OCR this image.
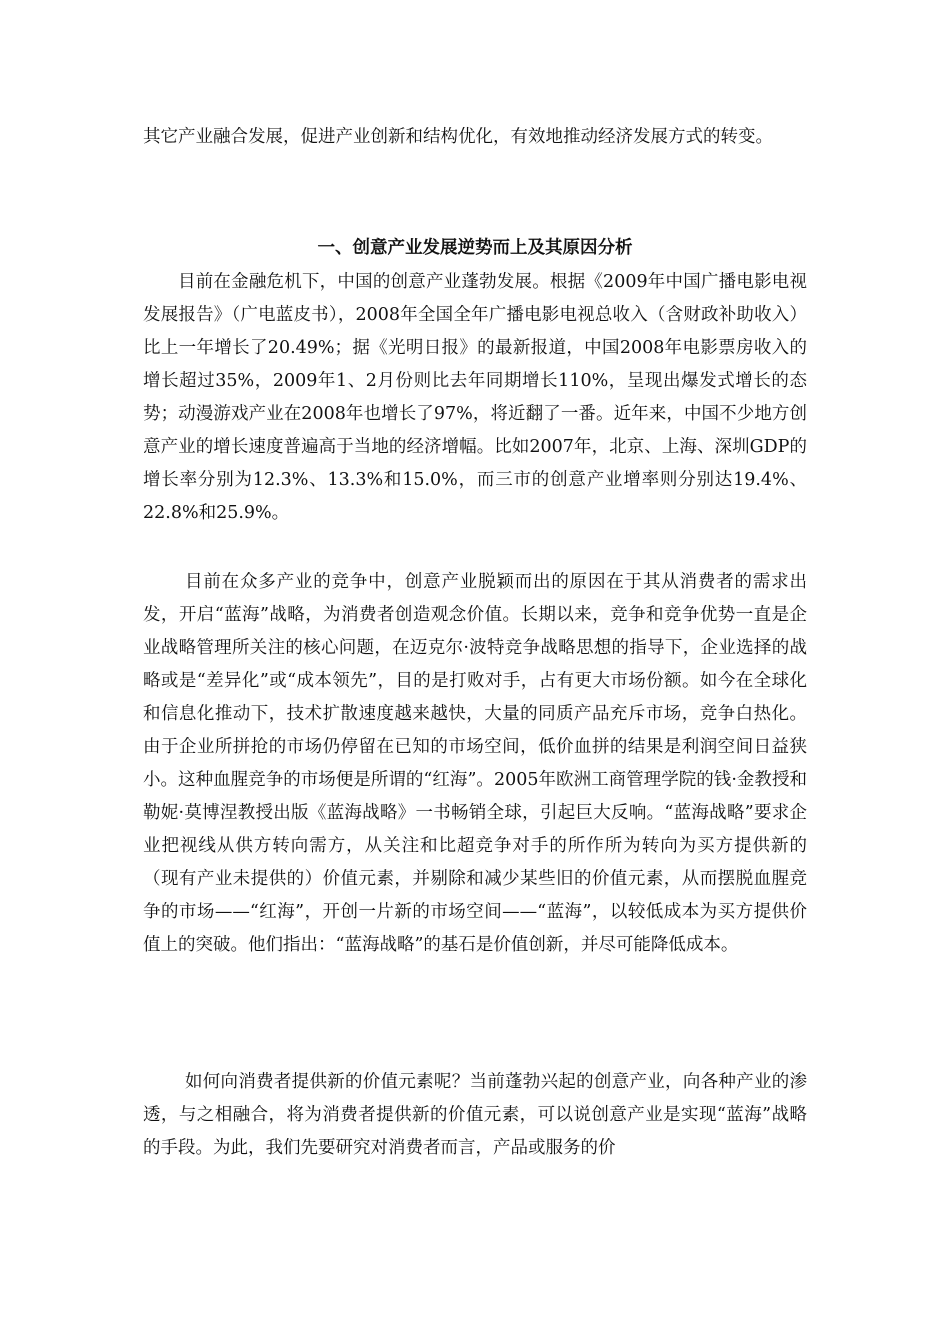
其它产业融合发展，促进产业创新和结构优化，有效地推动经济发展方式的转变。

一、创意产业发展逆势而上及其原因分析

目前在金融危机下，中国的创意产业蓬勃发展。根据《2009年中国广播电影电视发展报告》（广电蓝皮书），2008年全国全年广播电影电视总收入（含财政补助收入）比上一年增长了20.49%；据《光明日报》的最新报道，中国2008年电影票房收入的增长超过35%，2009年1、2月份则比去年同期增长110%，呈现出爆发式增长的态势；动漫游戏产业在2008年也增长了97%，将近翻了一番。近年来，中国不少地方创意产业的增长速度普遍高于当地的经济增幅。比如2007年，北京、上海、深圳GDP的增长率分别为12.3%、13.3%和15.0%，而三市的创意产业增率则分别达19.4%、22.8%和25.9%。

目前在众多产业的竞争中，创意产业脱颖而出的原因在于其从消费者的需求出发，开启“蓝海”战略，为消费者创造观念价值。长期以来，竞争和竞争优势一直是企业战略管理所关注的核心问题，在迈克尔·波特竞争战略思想的指导下，企业选择的战略或是“差异化”或“成本领先”，目的是打败对手，占有更大市场份额。如今在全球化和信息化推动下，技术扩散速度越来越快，大量的同质产品充斥市场，竞争白热化。由于企业所拼抢的市场仍停留在已知的市场空间，低价血拼的结果是利润空间日益狭小。这种血腥竞争的市场便是所谓的“红海”。2005年欧洲工商管理学院的钱·金教授和勒妮·莫博涅教授出版《蓝海战略》一书畅销全球，引起巨大反响。“蓝海战略”要求企业把视线从供方转向需方，从关注和比超竞争对手的所作所为转向为买方提供新的（现有产业未提供的）价值元素，并剔除和减少某些旧的价值元素，从而摆脱血腥竞争的市场——“红海”，开创一片新的市场空间——“蓝海”，以较低成本为买方提供价值上的突破。他们指出：“蓝海战略”的基石是价值创新，并尽可能降低成本。

如何向消费者提供新的价值元素呢？当前蓬勃兴起的创意产业，向各种产业的渗透，与之相融合，将为消费者提供新的价值元素，可以说创意产业是实现“蓝海”战略的手段。为此，我们先要研究对消费者而言，产品或服务的价
